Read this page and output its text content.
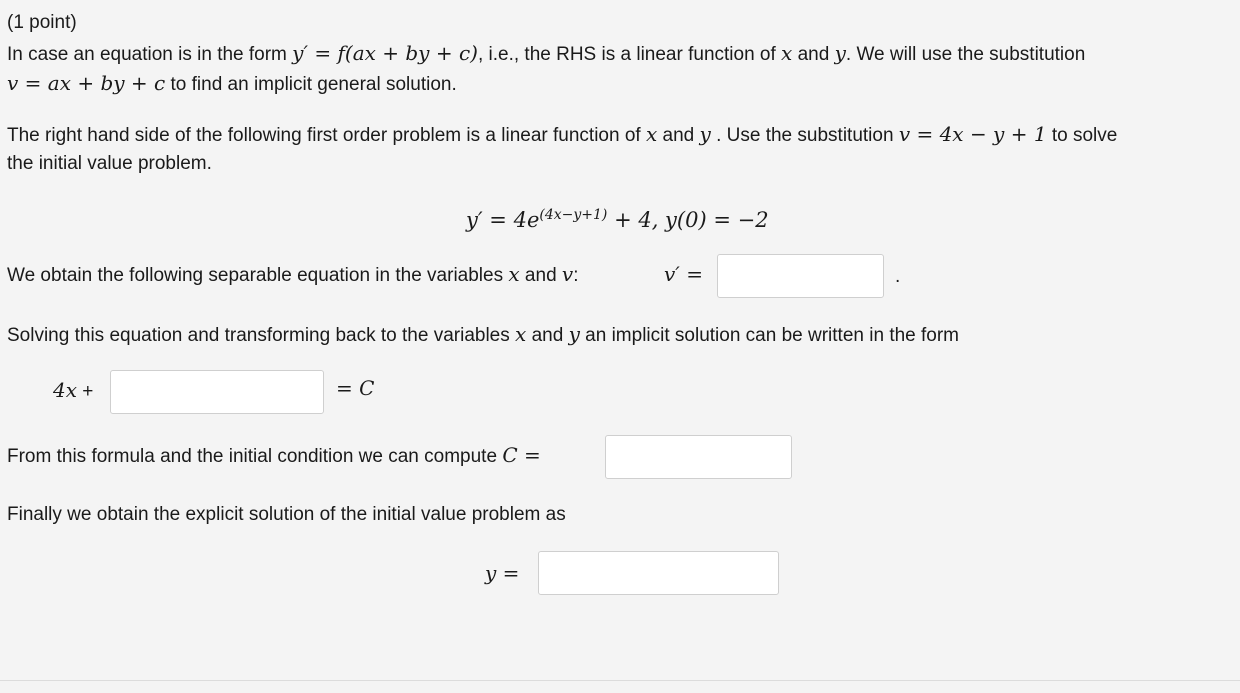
(1 point)
In case an equation is in the form y′ = f(ax + by + c), i.e., the RHS is a linear function of x and y. We will use the substitution
v = ax + by + c to find an implicit general solution.
The right hand side of the following first order problem is a linear function of x and y . Use the substitution v = 4x − y + 1 to solve
the initial value problem.
$y' = 4e^{(4x-y+1)} + 4$, y(0) = −2
We obtain the following separable equation in the variables x and v:	v′ =	.
Solving this equation and transforming back to the variables x and y an implicit solution can be written in the form
4x +	= C
From this formula and the initial condition we can compute C =
Finally we obtain the explicit solution of the initial value problem as
y =
